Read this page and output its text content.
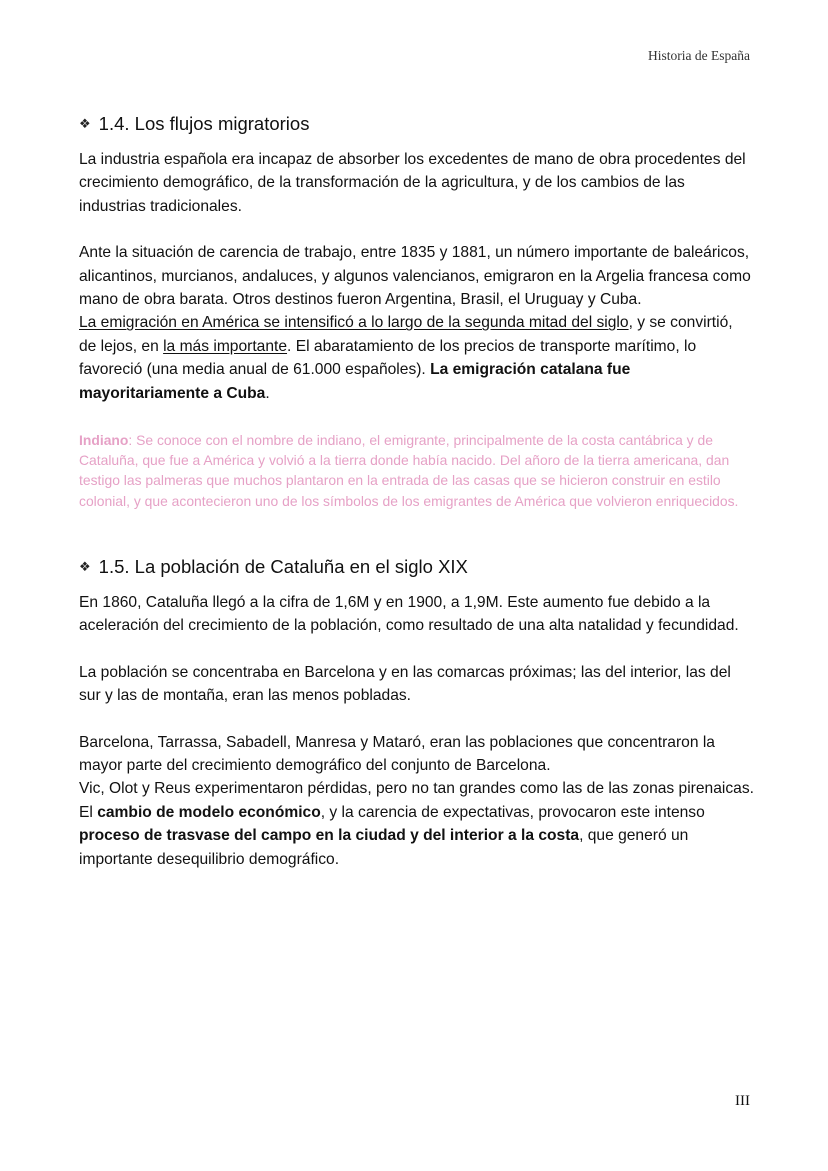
Historia de España
❖ 1.4. Los flujos migratorios

La industria española era incapaz de absorber los excedentes de mano de obra procedentes del crecimiento demográfico, de la transformación de la agricultura, y de los cambios de las industrias tradicionales.

Ante la situación de carencia de trabajo, entre 1835 y 1881, un número importante de baleáricos, alicantinos, murcianos, andaluces, y algunos valencianos, emigraron en la Argelia francesa como mano de obra barata. Otros destinos fueron Argentina, Brasil, el Uruguay y Cuba.

La emigración en América se intensificó a lo largo de la segunda mitad del siglo, y se convirtió, de lejos, en la más importante. El abaratamiento de los precios de transporte marítimo, lo favoreció (una media anual de 61.000 españoles). La emigración catalana fue mayoritariamente a Cuba.

Indiano: Se conoce con el nombre de indiano, el emigrante, principalmente de la costa cantábrica y de Cataluña, que fue a América y volvió a la tierra donde había nacido. Del añoro de la tierra americana, dan testigo las palmeras que muchos plantaron en la entrada de las casas que se hicieron construir en estilo colonial, y que acontecieron uno de los símbolos de los emigrantes de América que volvieron enriquecidos.

❖ 1.5. La población de Cataluña en el siglo XIX

En 1860, Cataluña llegó a la cifra de 1,6M y en 1900, a 1,9M. Este aumento fue debido a la aceleración del crecimiento de la población, como resultado de una alta natalidad y fecundidad.

La población se concentraba en Barcelona y en las comarcas próximas; las del interior, las del sur y las de montaña, eran las menos pobladas.

Barcelona, Tarrassa, Sabadell, Manresa y Mataró, eran las poblaciones que concentraron la mayor parte del crecimiento demográfico del conjunto de Barcelona.

Vic, Olot y Reus experimentaron pérdidas, pero no tan grandes como las de las zonas pirenaicas. El cambio de modelo económico, y la carencia de expectativas, provocaron este intenso proceso de trasvase del campo en la ciudad y del interior a la costa, que generó un importante desequilibrio demográfico.

III
